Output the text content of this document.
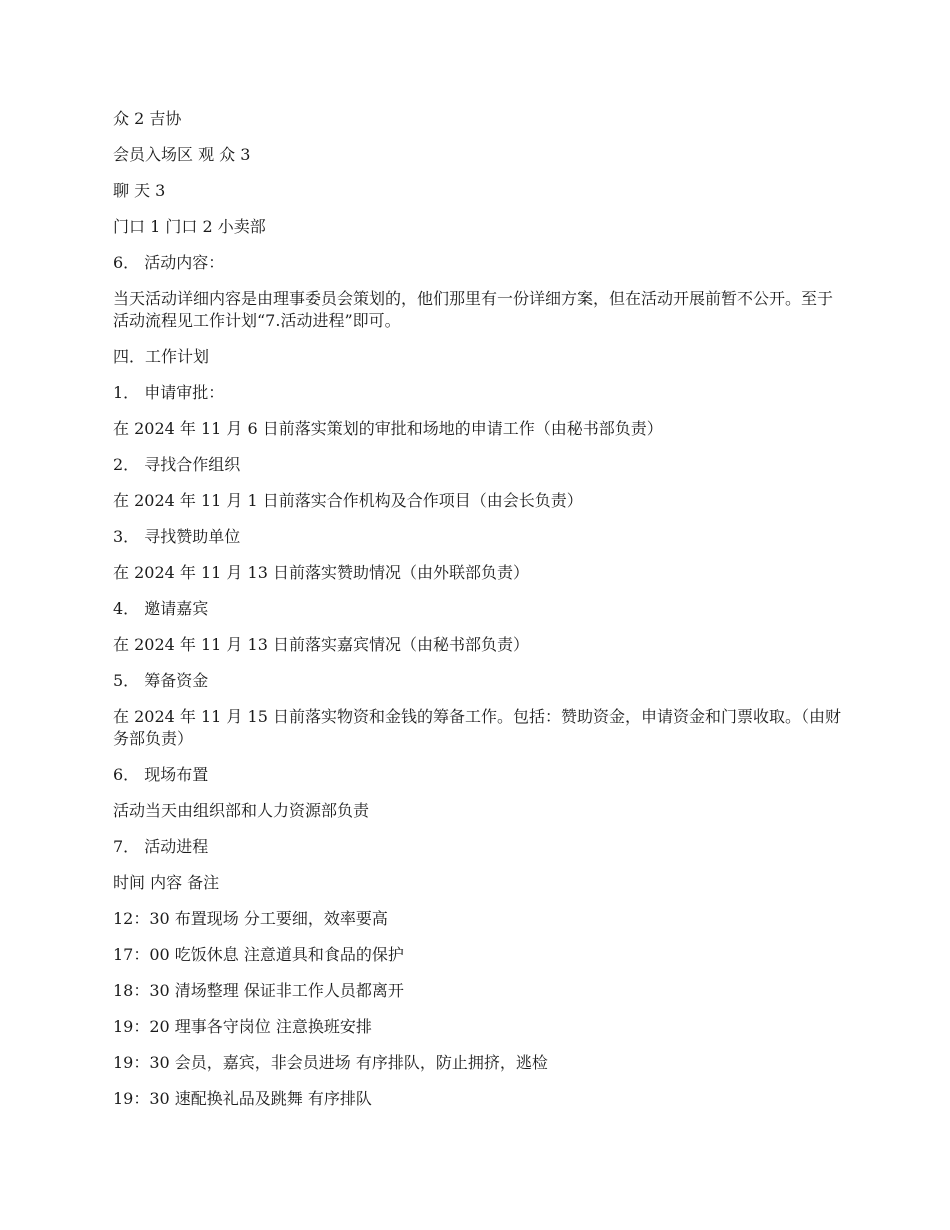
众 2 吉协

会员入场区 观 众 3

聊 天 3

门口 1 门口 2 小卖部

6． 活动内容：

当天活动详细内容是由理事委员会策划的，他们那里有一份详细方案，但在活动开展前暂不公开。至于活动流程见工作计划“7.活动进程”即可。

四．工作计划

1． 申请审批：

在 2024 年 11 月 6 日前落实策划的审批和场地的申请工作（由秘书部负责）

2． 寻找合作组织

在 2024 年 11 月 1 日前落实合作机构及合作项目（由会长负责）

3． 寻找赞助单位

在 2024 年 11 月 13 日前落实赞助情况（由外联部负责）

4． 邀请嘉宾

在 2024 年 11 月 13 日前落实嘉宾情况（由秘书部负责）

5． 筹备资金

在 2024 年 11 月 15 日前落实物资和金钱的筹备工作。包括：赞助资金，申请资金和门票收取。（由财务部负责）

6． 现场布置

活动当天由组织部和人力资源部负责

7． 活动进程

时间 内容 备注

12：30 布置现场 分工要细，效率要高

17：00 吃饭休息 注意道具和食品的保护

18：30 清场整理 保证非工作人员都离开

19：20 理事各守岗位 注意换班安排

19：30 会员，嘉宾，非会员进场 有序排队，防止拥挤，逃检

19：30 速配换礼品及跳舞 有序排队
